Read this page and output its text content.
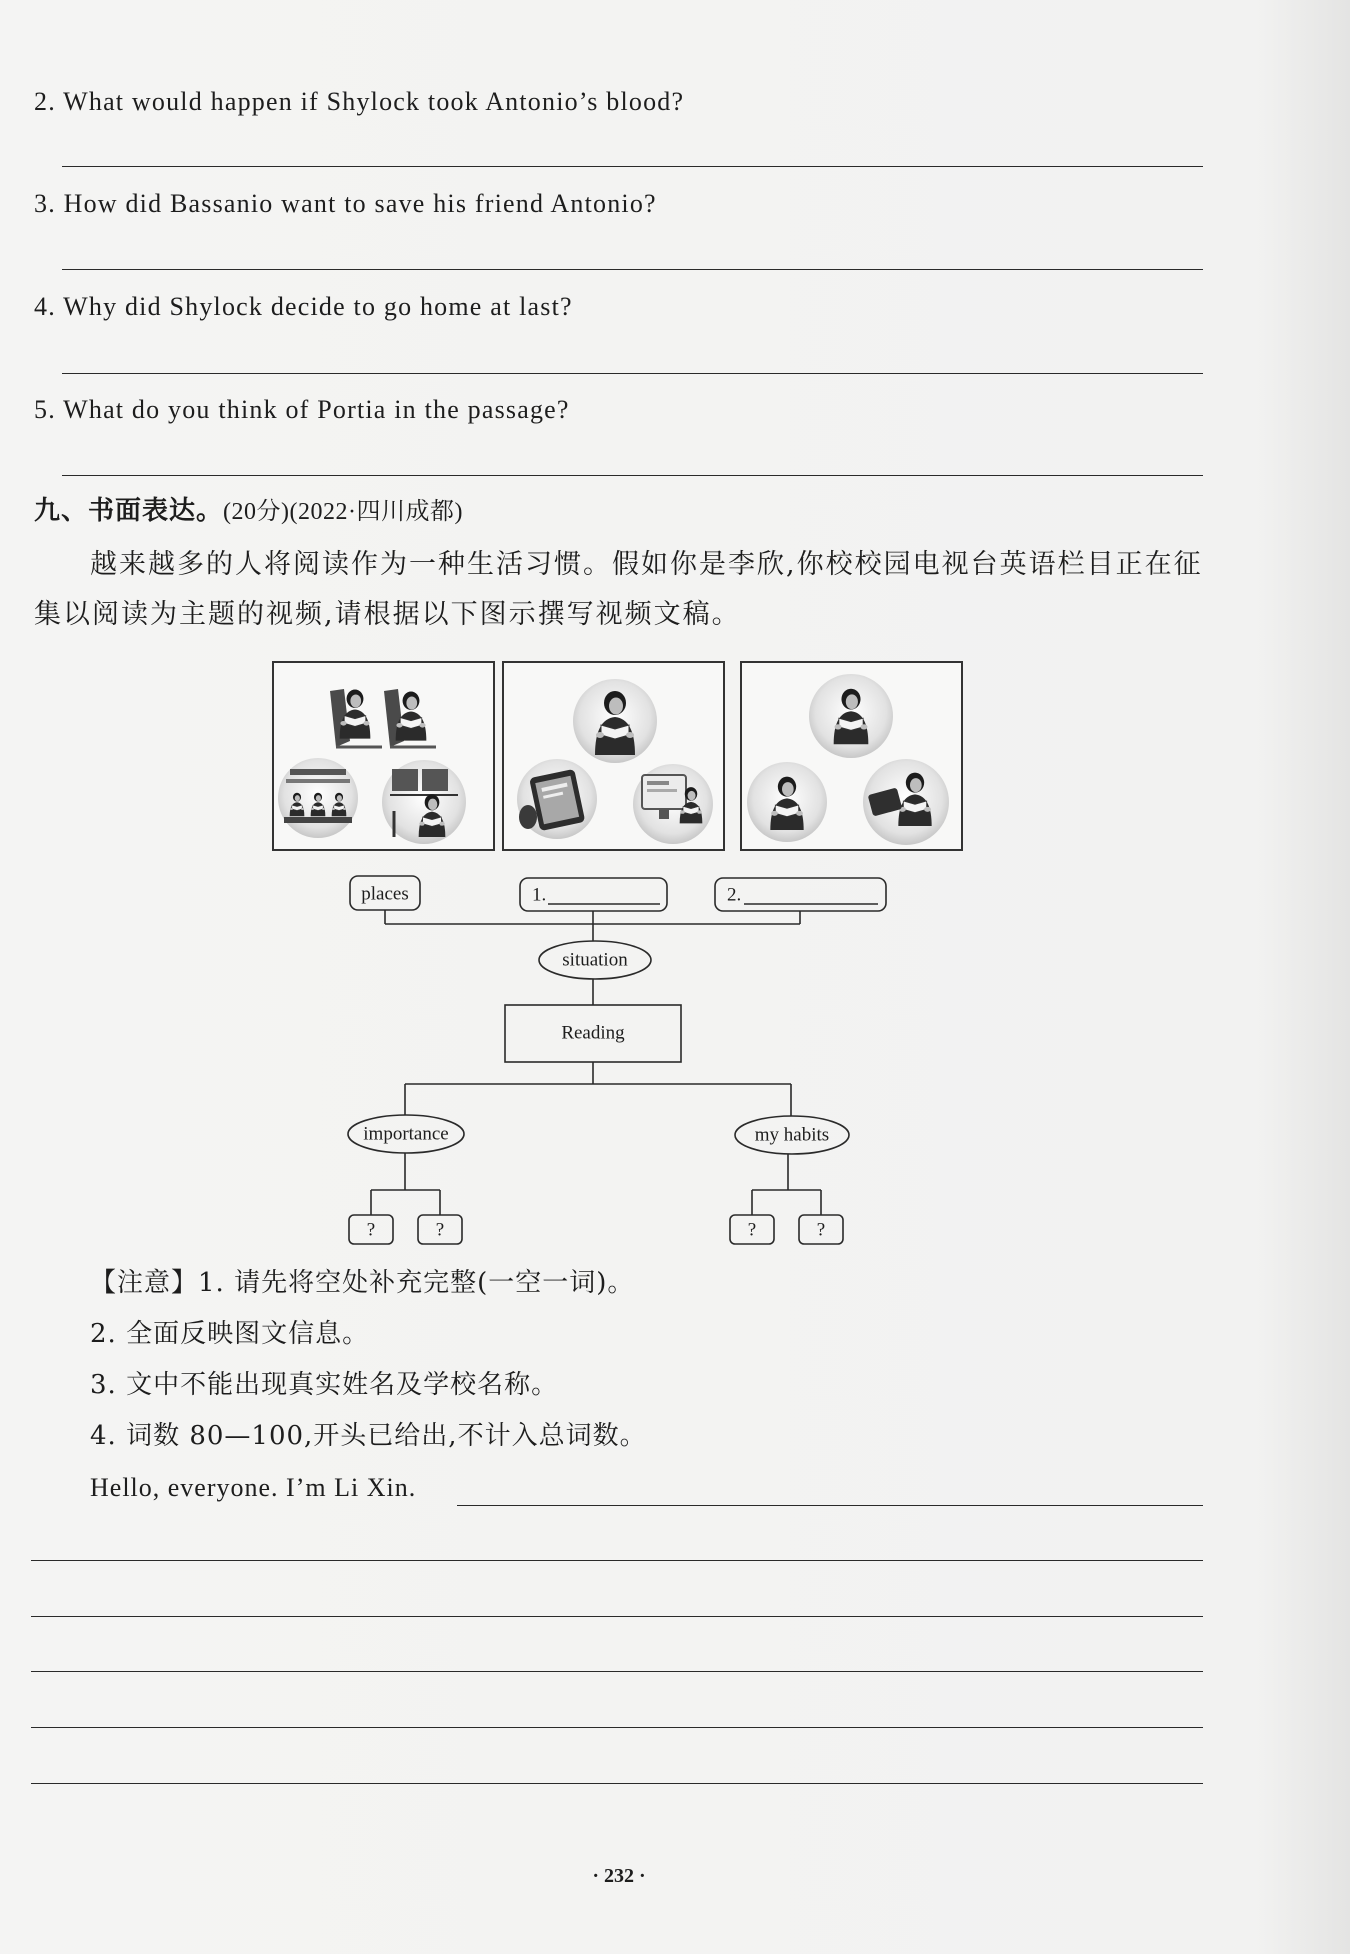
2. What would happen if Shylock took Antonio’s blood?
3. How did Bassanio want to save his friend Antonio?
4. Why did Shylock decide to go home at last?
5. What do you think of Portia in the passage?
九、书面表达。(20分)(2022·四川成都)
越来越多的人将阅读作为一种生活习惯。假如你是李欣,你校校园电视台英语栏目正在征集以阅读为主题的视频,请根据以下图示撰写视频文稿。
places	1.	2.
situation
Reading
importance	my habits
?	?	?	?
【注意】1. 请先将空处补充完整(一空一词)。
2. 全面反映图文信息。
3. 文中不能出现真实姓名及学校名称。
4. 词数 80—100,开头已给出,不计入总词数。
Hello, everyone. I’m Li Xin.
· 232 ·
